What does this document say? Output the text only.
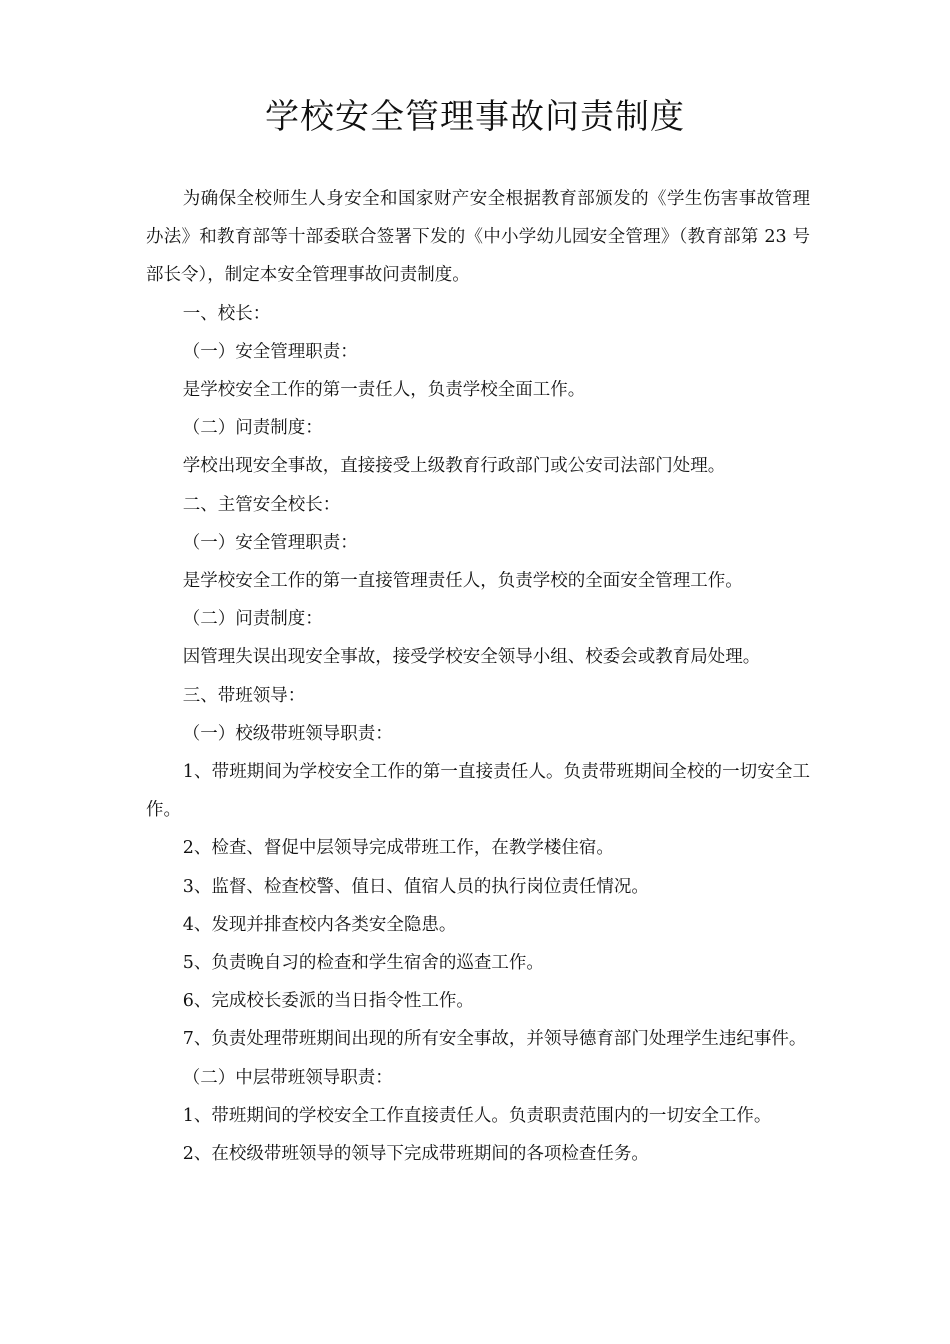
学校安全管理事故问责制度

为确保全校师生人身安全和国家财产安全根据教育部颁发的《学生伤害事故管理办法》和教育部等十部委联合签署下发的《中小学幼儿园安全管理》（教育部第 23 号部长令），制定本安全管理事故问责制度。

一、校长：

（一）安全管理职责：

是学校安全工作的第一责任人，负责学校全面工作。

（二）问责制度：

学校出现安全事故，直接接受上级教育行政部门或公安司法部门处理。

二、主管安全校长：

（一）安全管理职责：

是学校安全工作的第一直接管理责任人，负责学校的全面安全管理工作。

（二）问责制度：

因管理失误出现安全事故，接受学校安全领导小组、校委会或教育局处理。

三、带班领导：

（一）校级带班领导职责：

1、带班期间为学校安全工作的第一直接责任人。负责带班期间全校的一切安全工作。

2、检查、督促中层领导完成带班工作，在教学楼住宿。

3、监督、检查校警、值日、值宿人员的执行岗位责任情况。

4、发现并排查校内各类安全隐患。

5、负责晚自习的检查和学生宿舍的巡查工作。

6、完成校长委派的当日指令性工作。

7、负责处理带班期间出现的所有安全事故，并领导德育部门处理学生违纪事件。

（二）中层带班领导职责：

1、带班期间的学校安全工作直接责任人。负责职责范围内的一切安全工作。

2、在校级带班领导的领导下完成带班期间的各项检查任务。
